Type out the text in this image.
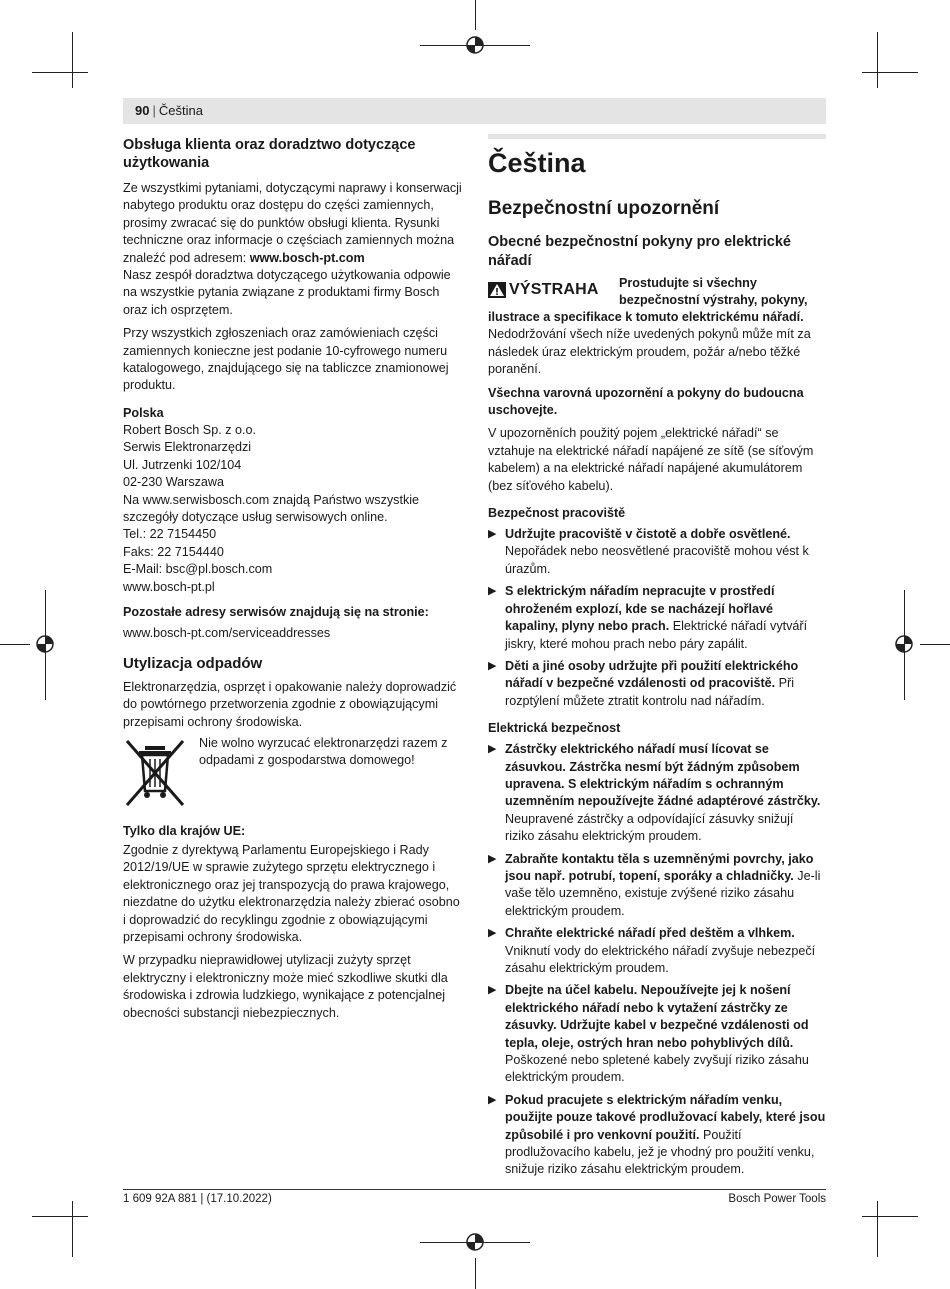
90 | Čeština
Obsługa klienta oraz doradztwo dotyczące użytkowania

Ze wszystkimi pytaniami, dotyczącymi naprawy i konserwacji nabytego produktu oraz dostępu do części zamiennych, prosimy zwracać się do punktów obsługi klienta. Rysunki techniczne oraz informacje o częściach zamiennych można znaleźć pod adresem: www.bosch-pt.com

Nasz zespół doradztwa dotyczącego użytkowania odpowie na wszystkie pytania związane z produktami firmy Bosch oraz ich osprzętem.

Przy wszystkich zgłoszeniach oraz zamówieniach części zamiennych konieczne jest podanie 10-cyfrowego numeru katalogowego, znajdującego się na tabliczce znamionowej produktu.

Polska
Robert Bosch Sp. z o.o.
Serwis Elektronarzędzi
Ul. Jutrzenki 102/104
02-230 Warszawa
Na www.serwisbosch.com znajdą Państwo wszystkie szczegóły dotyczące usług serwisowych online.
Tel.: 22 7154450
Faks: 22 7154440
E-Mail: bsc@pl.bosch.com
www.bosch-pt.pl

Pozostałe adresy serwisów znajdują się na stronie:

www.bosch-pt.com/serviceaddresses

Utylizacja odpadów

Elektronarzędzia, osprzęt i opakowanie należy doprowadzić do powtórnego przetworzenia zgodnie z obowiązującymi przepisami ochrony środowiska.

Nie wolno wyrzucać elektronarzędzi razem z odpadami z gospodarstwa domowego!

Tylko dla krajów UE:

Zgodnie z dyrektywą Parlamentu Europejskiego i Rady 2012/19/UE w sprawie zużytego sprzętu elektrycznego i elektronicznego oraz jej transpozycją do prawa krajowego, niezdatne do użytku elektronarzędzia należy zbierać osobno i doprowadzić do recyklingu zgodnie z obowiązującymi przepisami ochrony środowiska.

W przypadku nieprawidłowej utylizacji zużyty sprzęt elektryczny i elektroniczny może mieć szkodliwe skutki dla środowiska i zdrowia ludzkiego, wynikające z potencjalnej obecności substancji niebezpiecznych.

Čeština
Bezpečnostní upozornění
Obecné bezpečnostní pokyny pro elektrické nářadí
VÝSTRAHA Prostudujte si všechny bezpečnostní výstrahy, pokyny,

ilustrace a specifikace k tomuto elektrickému nářadí.

Nedodržování všech níže uvedených pokynů může mít za následek úraz elektrickým proudem, požár a/nebo těžké poranění.

Všechna varovná upozornění a pokyny do budoucna uschovejte.

V upozorněních použitý pojem „elektrické nářadí“ se vztahuje na elektrické nářadí napájené ze sítě (se síťovým kabelem) a na elektrické nářadí napájené akumulátorem (bez síťového kabelu).

Bezpečnost pracoviště
▶ Udržujte pracoviště v čistotě a dobře osvětlené. Nepořádek nebo neosvětlené pracoviště mohou vést k úrazům.
▶ S elektrickým nářadím nepracujte v prostředí ohroženém explozí, kde se nacházejí hořlavé kapaliny, plyny nebo prach. Elektrické nářadí vytváří jiskry, které mohou prach nebo páry zapálit.
▶ Děti a jiné osoby udržujte při použití elektrického nářadí v bezpečné vzdálenosti od pracoviště. Při rozptýlení můžete ztratit kontrolu nad nářadím.
Elektrická bezpečnost
▶ Zástrčky elektrického nářadí musí lícovat se zásuvkou. Zástrčka nesmí být žádným způsobem upravena. S elektrickým nářadím s ochranným uzemněním nepoužívejte žádné adaptérové zástrčky. Neupravené zástrčky a odpovídající zásuvky snižují riziko zásahu elektrickým proudem.
▶ Zabraňte kontaktu těla s uzemněnými povrchy, jako jsou např. potrubí, topení, sporáky a chladničky. Je-li vaše tělo uzemněno, existuje zvýšené riziko zásahu elektrickým proudem.
▶ Chraňte elektrické nářadí před deštěm a vlhkem. Vniknutí vody do elektrického nářadí zvyšuje nebezpečí zásahu elektrickým proudem.
▶ Dbejte na účel kabelu. Nepoužívejte jej k nošení elektrického nářadí nebo k vytažení zástrčky ze zásuvky. Udržujte kabel v bezpečné vzdálenosti od tepla, oleje, ostrých hran nebo pohyblivých dílů. Poškozené nebo spletené kabely zvyšují riziko zásahu elektrickým proudem.
▶ Pokud pracujete s elektrickým nářadím venku, použijte pouze takové prodlužovací kabely, které jsou způsobilé i pro venkovní použití. Použití prodlužovacího kabelu, jež je vhodný pro použití venku, snižuje riziko zásahu elektrickým proudem.
1 609 92A 881 | (17.10.2022)	Bosch Power Tools
